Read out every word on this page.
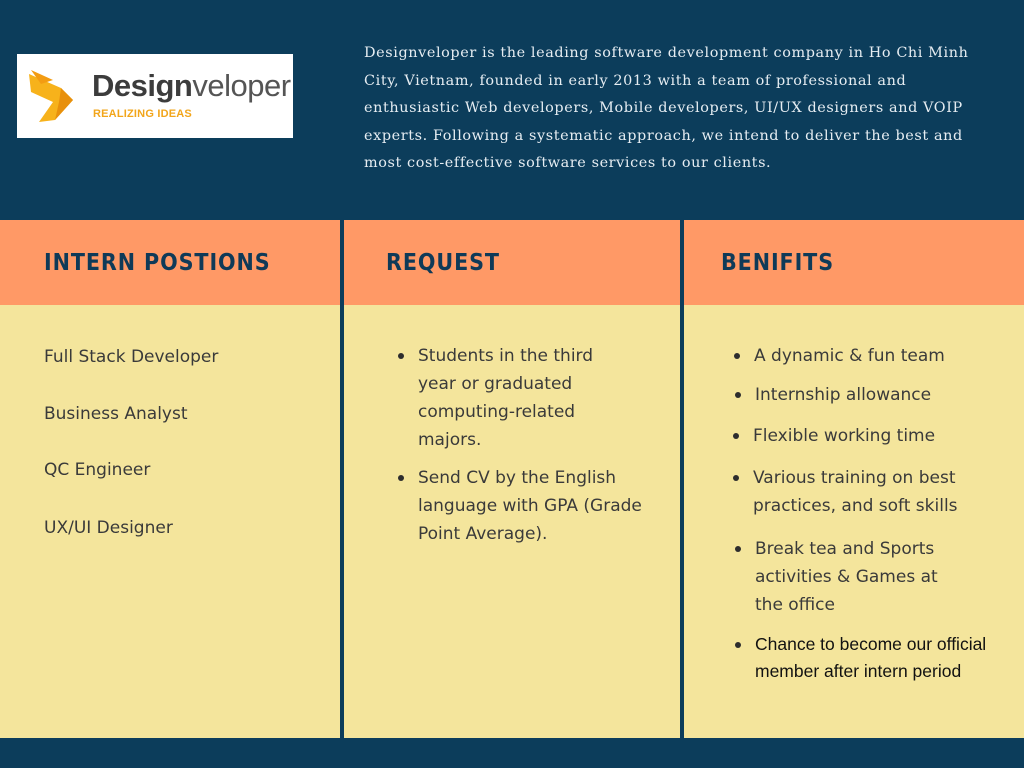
Designveloper
REALIZING IDEAS

Designveloper is the leading software development company in Ho Chi Minh City, Vietnam, founded in early 2013 with a team of professional and enthusiastic Web developers, Mobile developers, UI/UX designers and VOIP experts. Following a systematic approach, we intend to deliver the best and most cost-effective software services to our clients.

INTERN POSTIONS

Full Stack Developer

Business Analyst

QC Engineer

UX/UI Designer

REQUEST
Students in the third year or graduated computing-related majors.
Send CV by the English language with GPA (Grade Point Average).
BENIFITS
A dynamic & fun team
Internship allowance
Flexible working time
Various training on best practices, and soft skills
Break tea and Sports activities & Games at the office
Chance to become our official member after intern period
